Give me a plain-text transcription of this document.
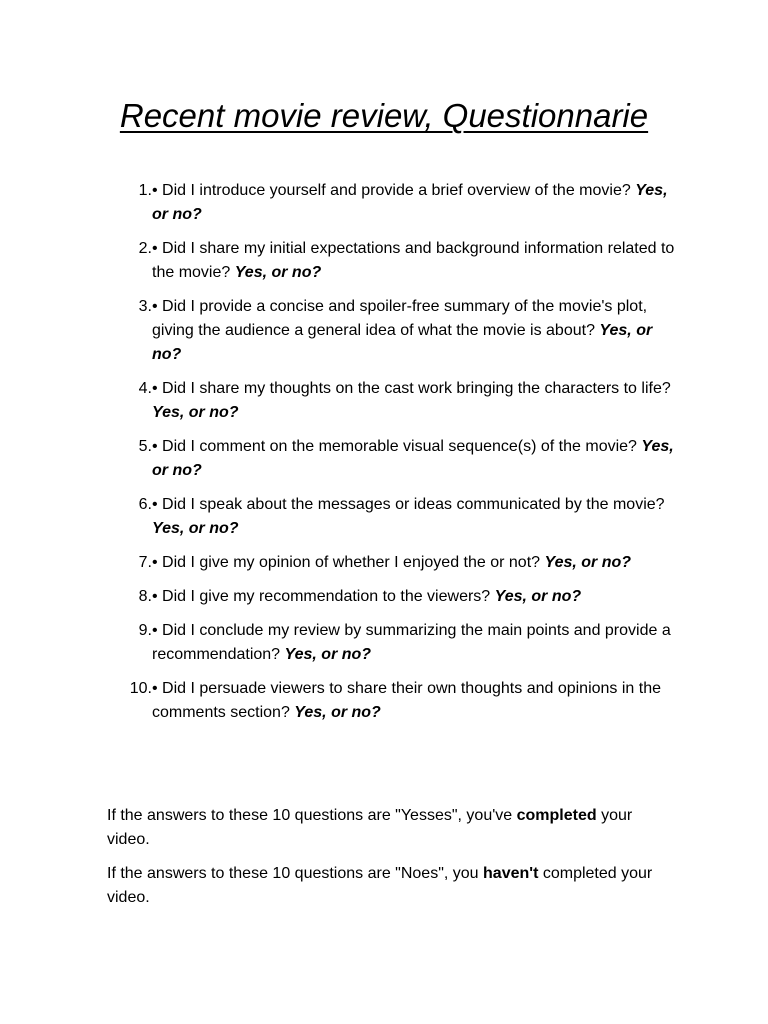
Recent movie review, Questionnarie
1. • Did I introduce yourself and provide a brief overview of the movie? Yes, or no?
2. • Did I share my initial expectations and background information related to the movie? Yes, or no?
3. • Did I provide a concise and spoiler-free summary of the movie's plot, giving the audience a general idea of what the movie is about? Yes, or no?
4. • Did I share my thoughts on the cast work bringing the characters to life? Yes, or no?
5. • Did I comment on the memorable visual sequence(s) of the movie? Yes, or no?
6. • Did I speak about the messages or ideas communicated by the movie? Yes, or no?
7. • Did I give my opinion of whether I enjoyed the or not? Yes, or no?
8. • Did I give my recommendation to the viewers? Yes, or no?
9. • Did I conclude my review by summarizing the main points and provide a recommendation? Yes, or no?
10. • Did I persuade viewers to share their own thoughts and opinions in the comments section? Yes, or no?

If the answers to these 10 questions are "Yesses", you've completed your video.

If the answers to these 10 questions are "Noes", you haven't completed your video.
